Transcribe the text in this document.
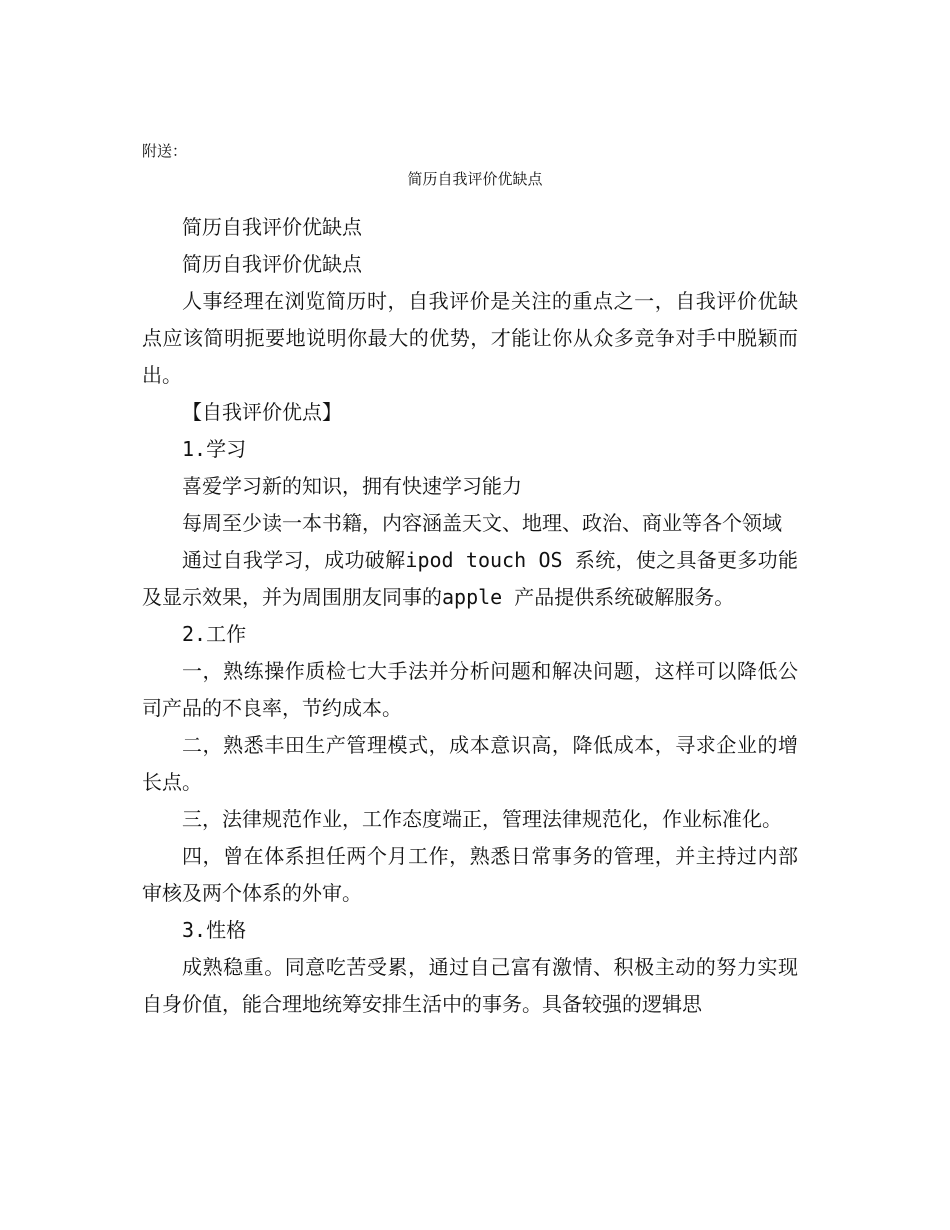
附送：
简历自我评价优缺点

简历自我评价优缺点

简历自我评价优缺点

人事经理在浏览简历时，自我评价是关注的重点之一，自我评价优缺点应该简明扼要地说明你最大的优势，才能让你从众多竞争对手中脱颖而出。

【自我评价优点】

1.学习

喜爱学习新的知识，拥有快速学习能力

每周至少读一本书籍，内容涵盖天文、地理、政治、商业等各个领域

通过自我学习，成功破解ipod touch OS 系统，使之具备更多功能及显示效果，并为周围朋友同事的apple 产品提供系统破解服务。

2.工作

一，熟练操作质检七大手法并分析问题和解决问题，这样可以降低公司产品的不良率，节约成本。

二，熟悉丰田生产管理模式，成本意识高，降低成本，寻求企业的增长点。

三，法律规范作业，工作态度端正，管理法律规范化，作业标准化。

四，曾在体系担任两个月工作，熟悉日常事务的管理，并主持过内部审核及两个体系的外审。

3.性格

成熟稳重。同意吃苦受累，通过自己富有激情、积极主动的努力实现自身价值，能合理地统筹安排生活中的事务。具备较强的逻辑思
